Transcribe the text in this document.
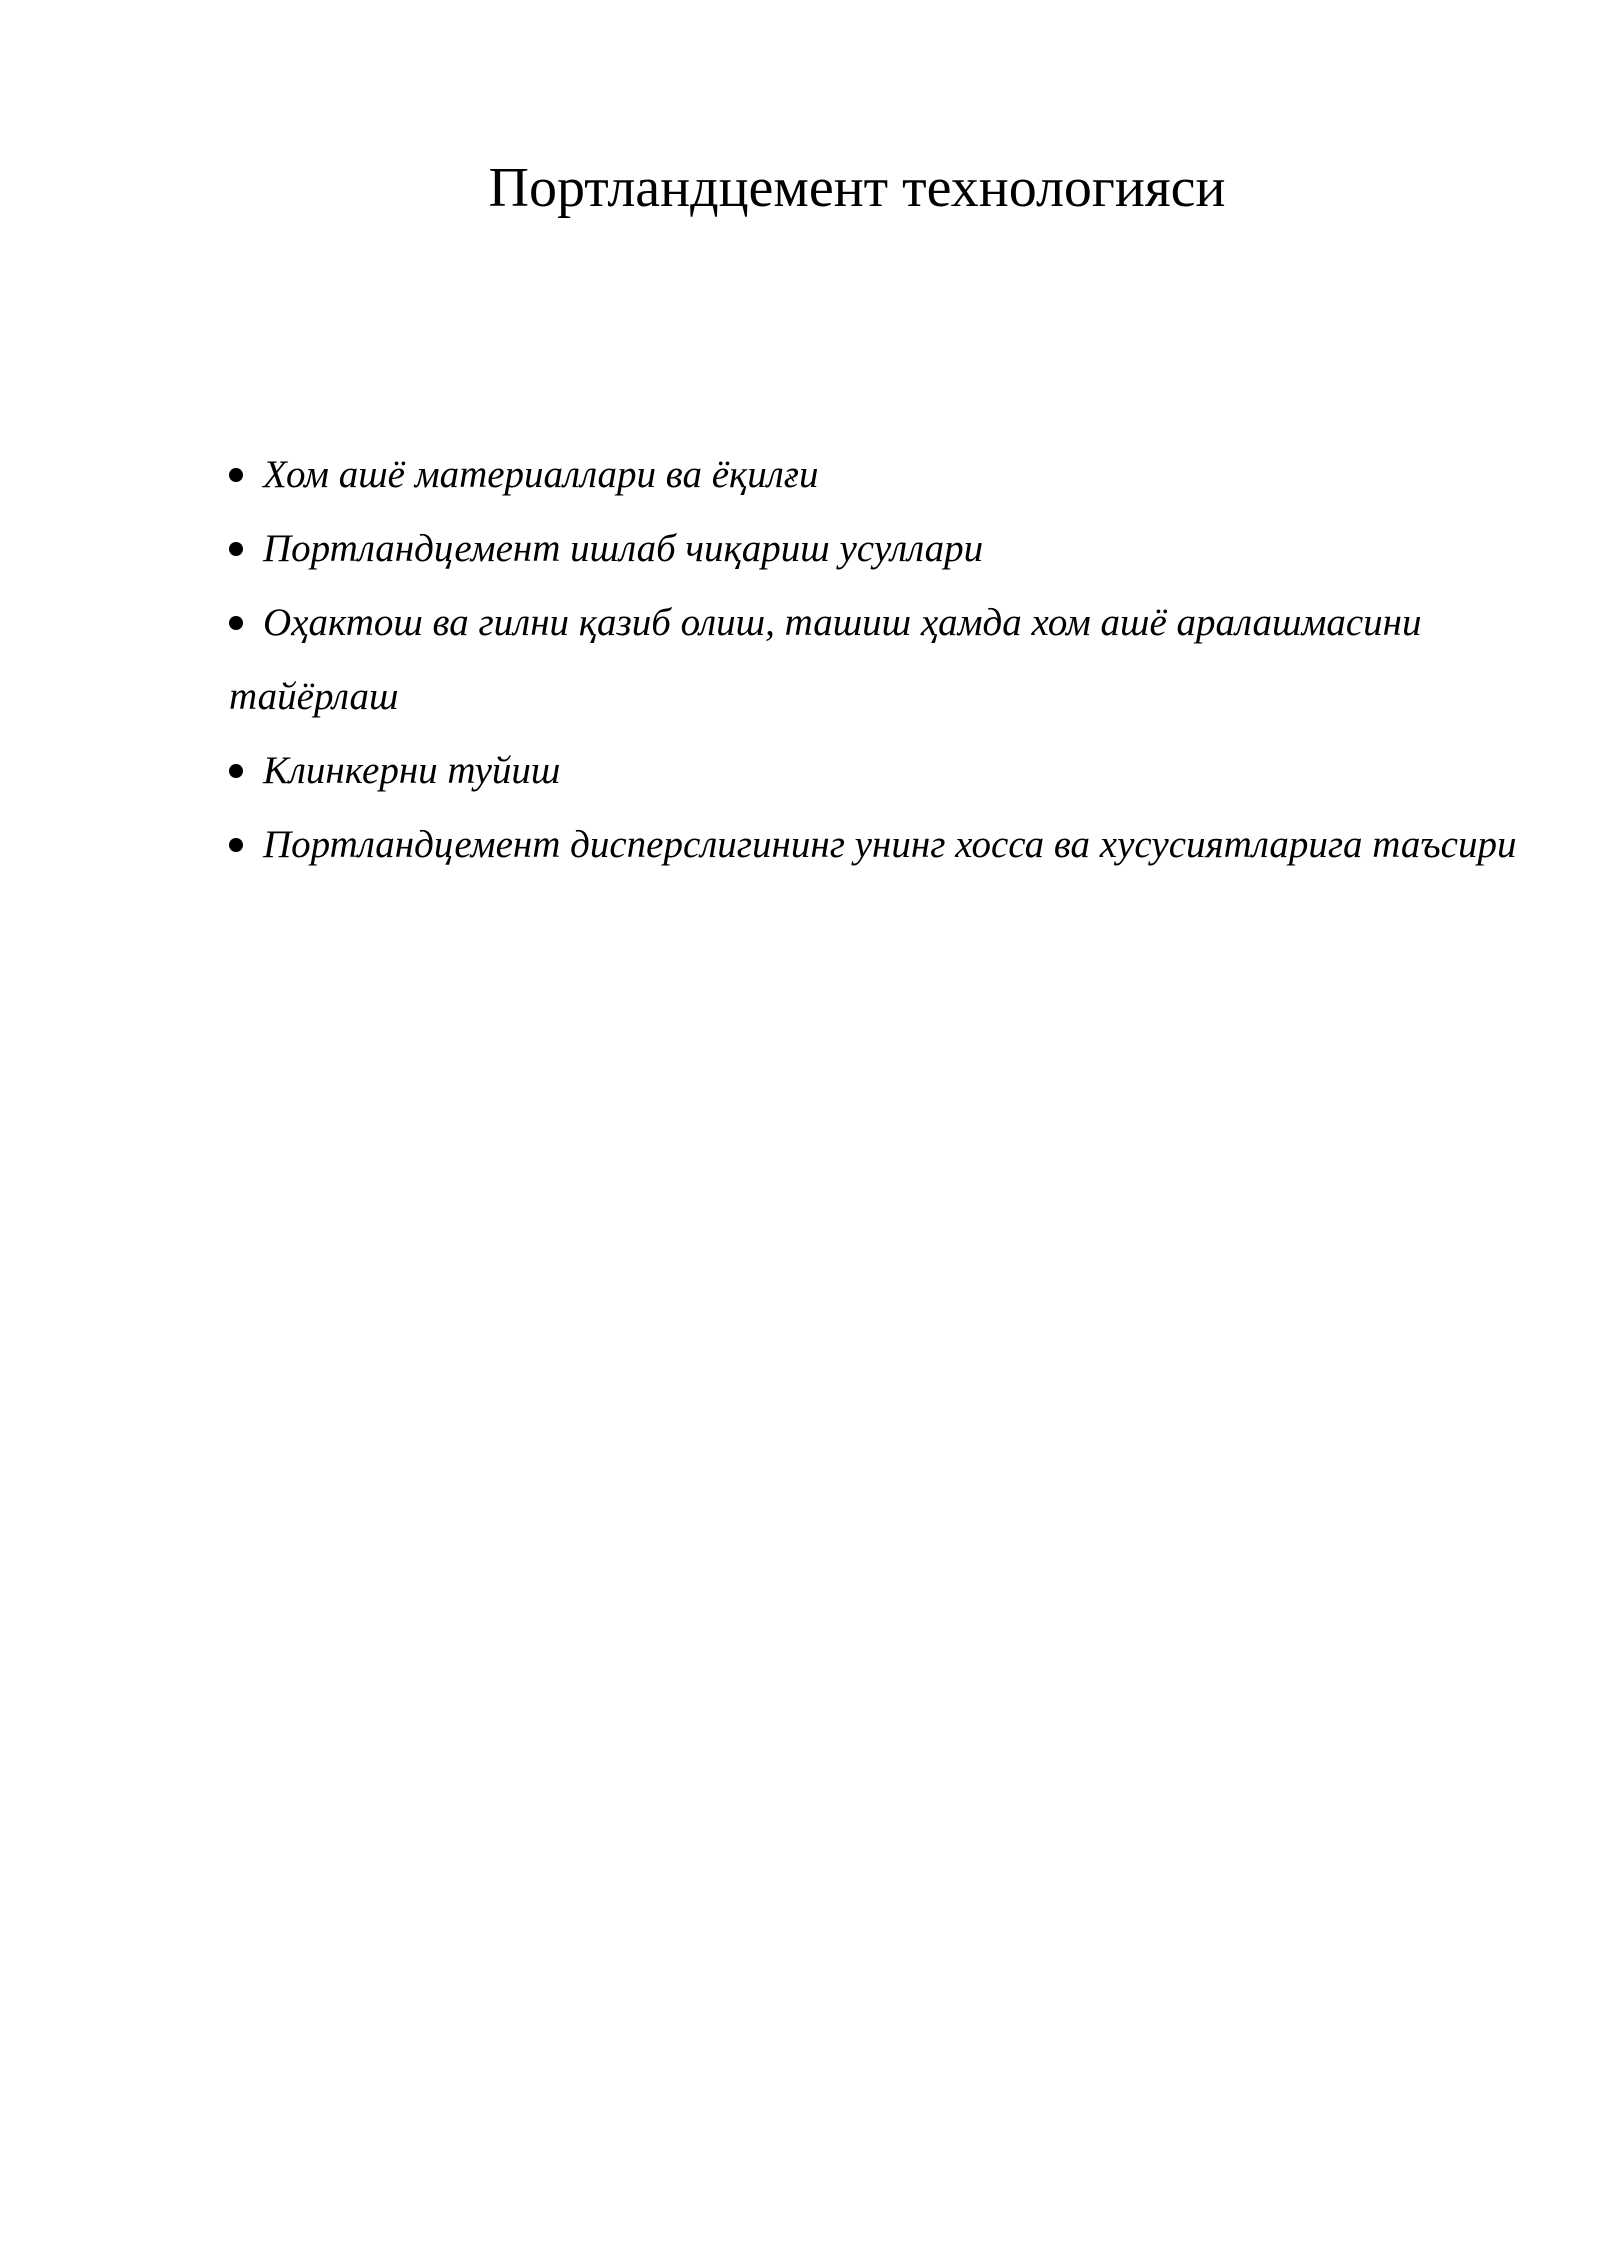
Портландцемент технологияси
Хом ашё материаллари ва ёқилғи
Портландцемент ишлаб чиқариш усуллари
Оҳактош ва гилни қазиб олиш, ташиш ҳамда хом ашё аралашмасини тайёрлаш
Клинкерни туйиш
Портландцемент дисперслигининг унинг хосса ва хусусиятларига таъсири
